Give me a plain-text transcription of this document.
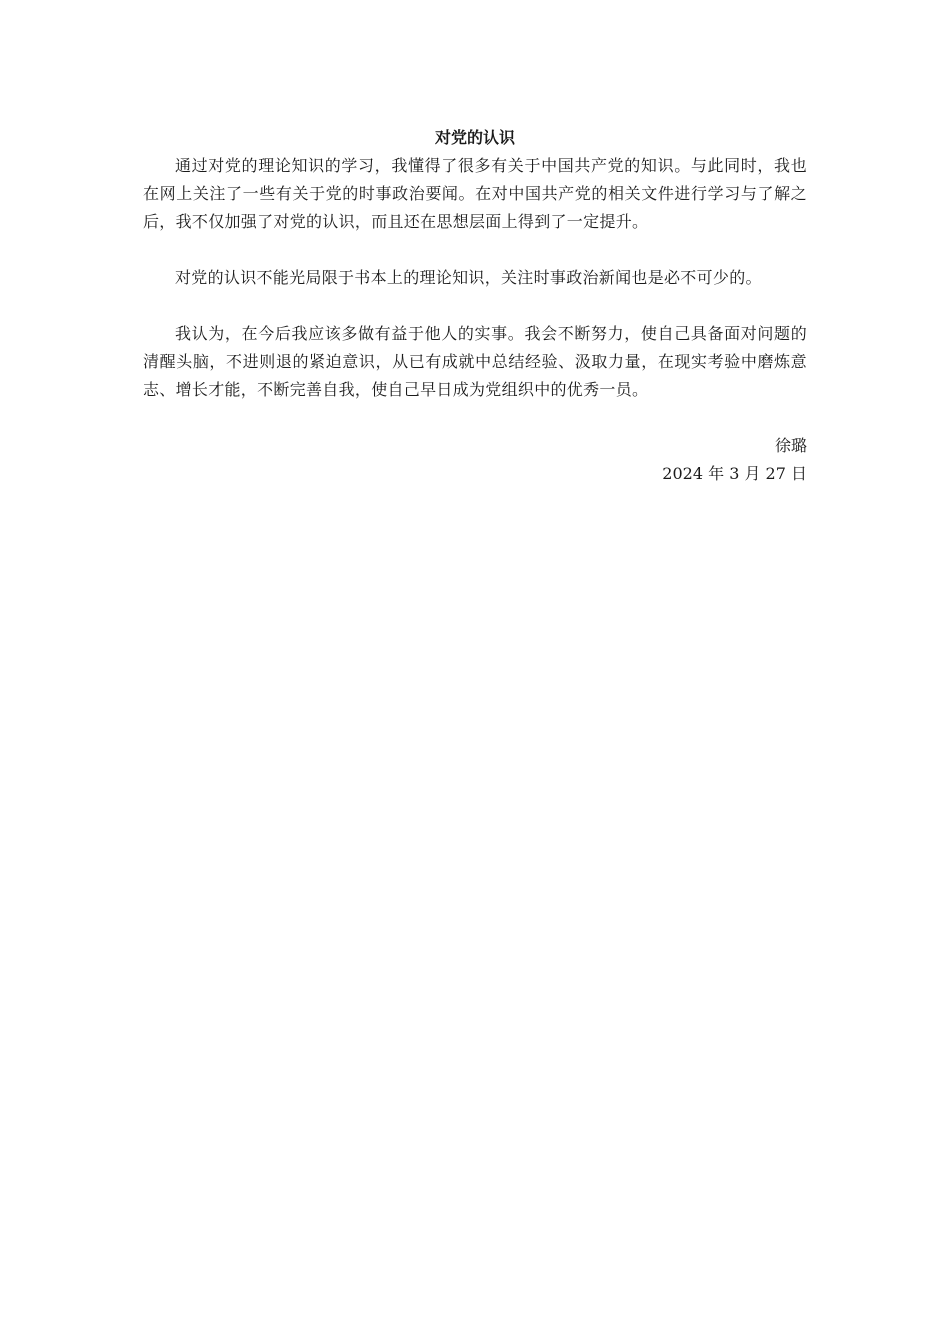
对党的认识

通过对党的理论知识的学习，我懂得了很多有关于中国共产党的知识。与此同时，我也在网上关注了一些有关于党的时事政治要闻。在对中国共产党的相关文件进行学习与了解之后，我不仅加强了对党的认识，而且还在思想层面上得到了一定提升。

对党的认识不能光局限于书本上的理论知识，关注时事政治新闻也是必不可少的。

我认为，在今后我应该多做有益于他人的实事。我会不断努力，使自己具备面对问题的清醒头脑，不进则退的紧迫意识，从已有成就中总结经验、汲取力量，在现实考验中磨炼意志、增长才能，不断完善自我，使自己早日成为党组织中的优秀一员。

徐璐

2024 年 3 月 27 日
